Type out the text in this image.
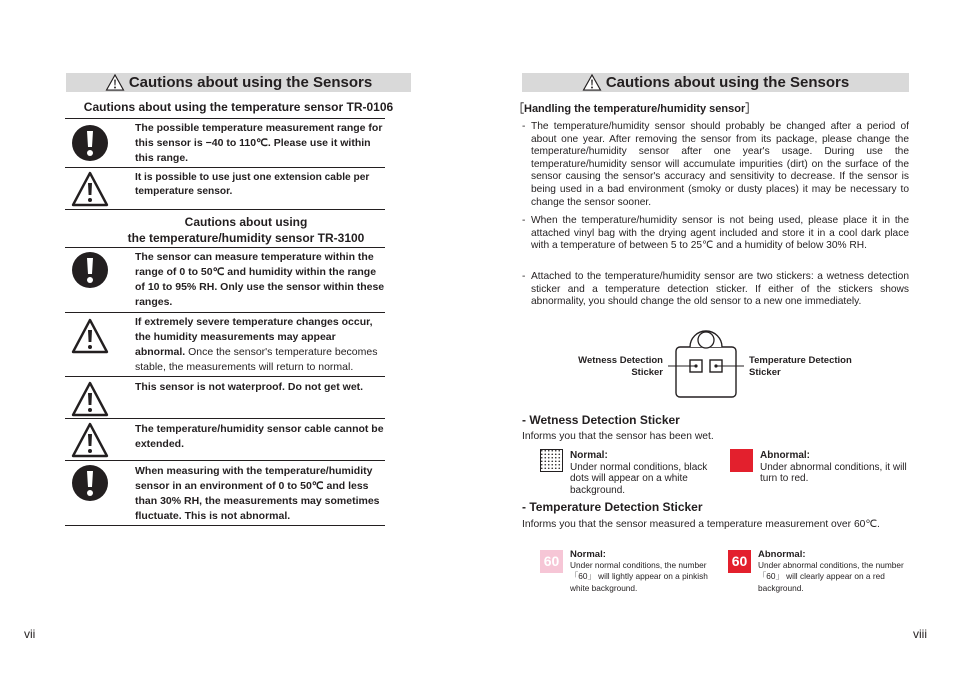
Cautions about using the Sensors
Cautions about using the temperature sensor TR-0106
The possible temperature measurement range for this sensor is −40 to 110℃. Please use it within this range.
It is possible to use just one extension cable per temperature sensor.
Cautions about using
the temperature/humidity sensor TR-3100
The sensor can measure temperature within the range of 0 to 50℃ and humidity within the range of 10 to 95% RH. Only use the sensor within these ranges.
If extremely severe temperature changes occur, the humidity measurements may appear abnormal. Once the sensor's temperature becomes stable, the measurements will return to normal.
This sensor is not waterproof. Do not get wet.
The temperature/humidity sensor cable cannot be extended.
When measuring with the temperature/humidity sensor in an environment of 0 to 50℃ and less than 30% RH, the measurements may sometimes fluctuate. This is not abnormal.
vii
Cautions about using the Sensors
［Handling the temperature/humidity sensor］
- The temperature/humidity sensor should probably be changed after a period of about one year. After removing the sensor from its package, please change the temperature/humidity sensor after one year's usage. During use the temperature/humidity sensor will accumulate impurities (dirt) on the surface of the sensor causing the sensor's accuracy and sensitivity to decrease. If the sensor is being used in a bad environment (smoky or dusty places) it may be necessary to change the sensor sooner.
- When the temperature/humidity sensor is not being used, please place it in the attached vinyl bag with the drying agent included and store it in a cool dark place with a temperature of between 5 to 25℃ and a humidity of below 30% RH.
- Attached to the temperature/humidity sensor are two stickers: a wetness detection sticker and a temperature detection sticker. If either of the stickers shows abnormality, you should change the old sensor to a new one immediately.
Wetness Detection
Sticker
Temperature Detection
Sticker
- Wetness Detection Sticker
Informs you that the sensor has been wet.
Normal:
Under normal conditions, black dots will appear on a white background.
Abnormal:
Under abnormal conditions, it will turn to red.
- Temperature Detection Sticker
Informs you that the sensor measured a temperature measurement over 60℃.
60	Normal:
Under normal conditions, the number 「60」 will lightly appear on a pinkish white background.
60	Abnormal:
Under abnormal conditions, the number 「60」 will clearly appear on a red background.
viii
